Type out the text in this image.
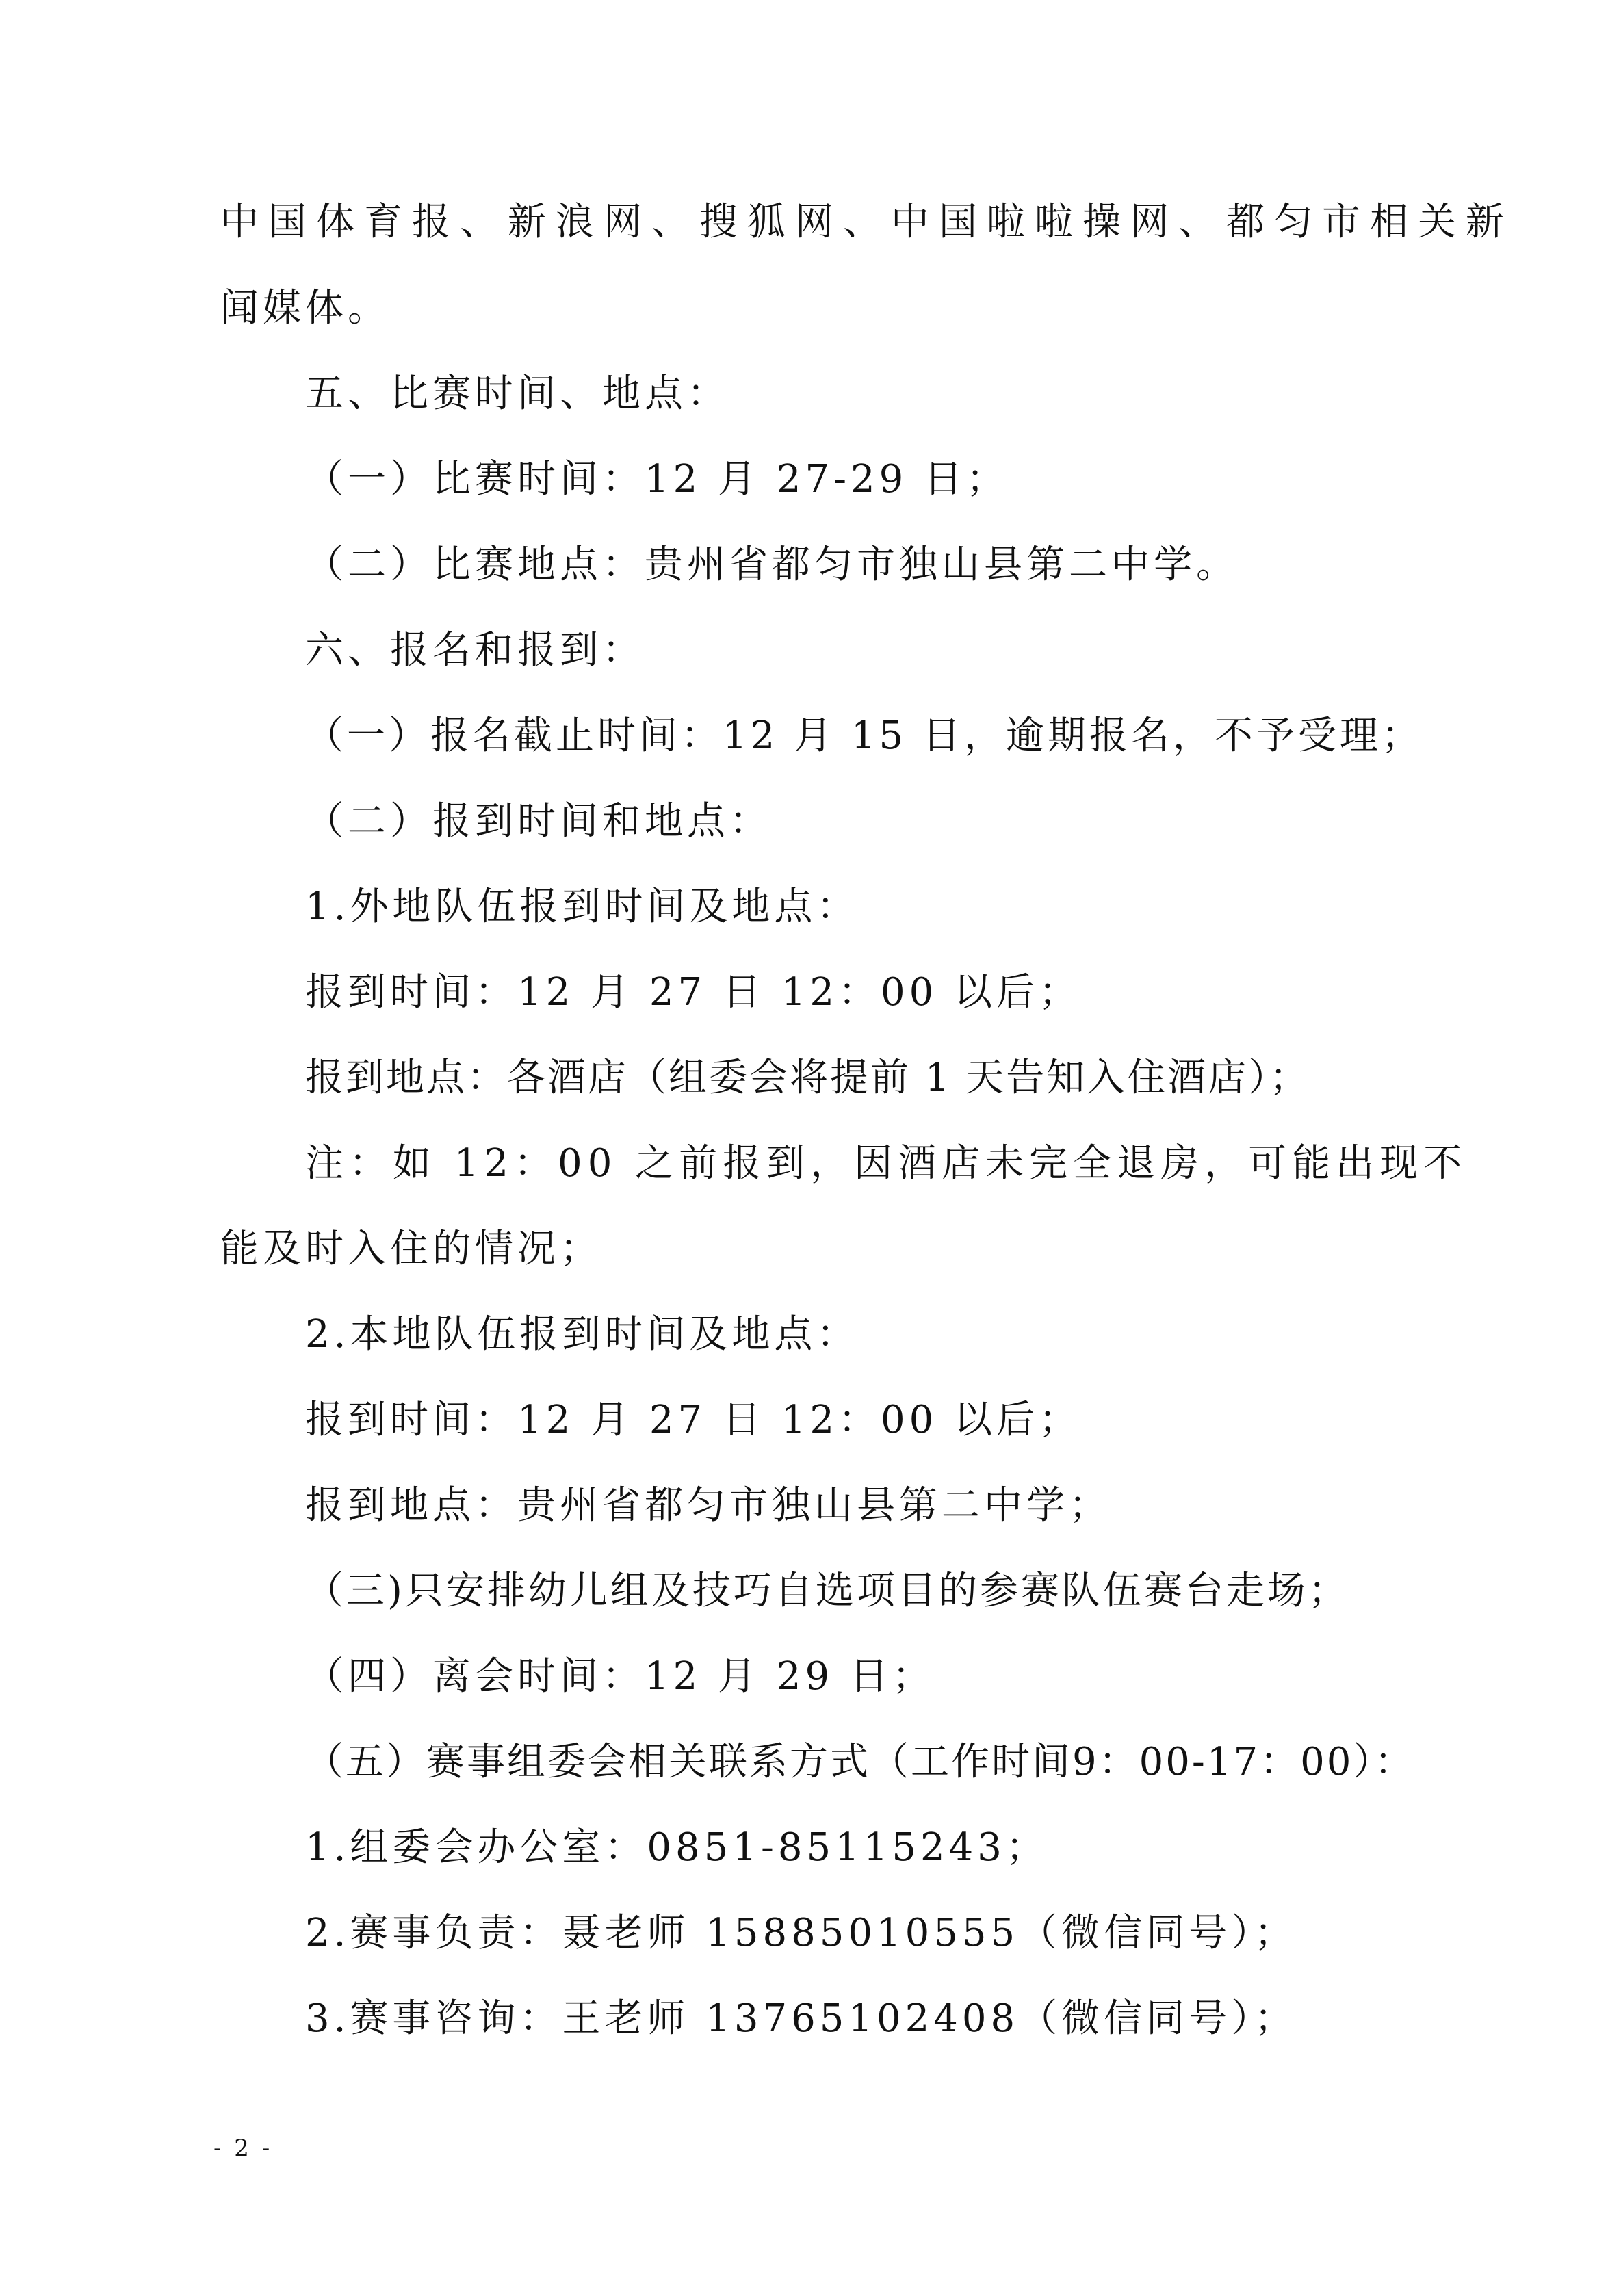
中国体育报、新浪网、搜狐网、中国啦啦操网、都匀市相关新
闻媒体。
五、比赛时间、地点：
（一）比赛时间：12 月 27-29 日；
（二）比赛地点：贵州省都匀市独山县第二中学。
六、报名和报到：
（一）报名截止时间：12 月 15 日，逾期报名，不予受理；
（二）报到时间和地点：
1.外地队伍报到时间及地点：
报到时间：12 月 27 日 12：00 以后；
报到地点：各酒店（组委会将提前 1 天告知入住酒店）；
注：如 12：00 之前报到，因酒店未完全退房，可能出现不
能及时入住的情况；
2.本地队伍报到时间及地点：
报到时间：12 月 27 日 12：00 以后；
报到地点：贵州省都匀市独山县第二中学；
（三)只安排幼儿组及技巧自选项目的参赛队伍赛台走场；
（四）离会时间：12 月 29 日；
（五）赛事组委会相关联系方式（工作时间9：00-17：00）：
1.组委会办公室：0851-85115243；
2.赛事负责：聂老师 15885010555（微信同号）；
3.赛事咨询：王老师 13765102408（微信同号）；
- 2 -
